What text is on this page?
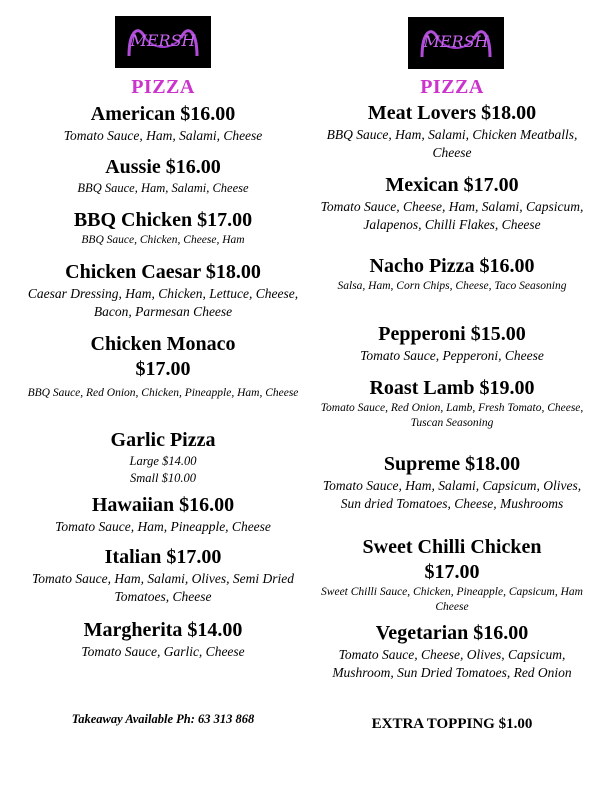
MERSH	MERSH
PIZZA
American $16.00
Tomato Sauce, Ham, Salami, Cheese
Aussie $16.00
BBQ Sauce, Ham, Salami, Cheese
BBQ Chicken $17.00
BBQ Sauce, Chicken, Cheese, Ham
Chicken Caesar $18.00
Caesar Dressing, Ham, Chicken, Lettuce, Cheese, Bacon, Parmesan Cheese
Chicken Monaco
$17.00
BBQ Sauce, Red Onion, Chicken, Pineapple, Ham, Cheese
Garlic Pizza
Large $14.00
Small $10.00
Hawaiian $16.00
Tomato Sauce, Ham, Pineapple, Cheese
Italian $17.00
Tomato Sauce, Ham, Salami, Olives, Semi Dried Tomatoes, Cheese
Margherita $14.00
Tomato Sauce, Garlic, Cheese
Takeaway Available Ph: 63 313 868
PIZZA
Meat Lovers $18.00
BBQ Sauce, Ham, Salami, Chicken Meatballs, Cheese
Mexican $17.00
Tomato Sauce, Cheese, Ham, Salami, Capsicum, Jalapenos, Chilli Flakes, Cheese
Nacho Pizza $16.00
Salsa, Ham, Corn Chips, Cheese, Taco Seasoning
Pepperoni $15.00
Tomato Sauce, Pepperoni, Cheese
Roast Lamb $19.00
Tomato Sauce, Red Onion, Lamb, Fresh Tomato, Cheese, Tuscan Seasoning
Supreme $18.00
Tomato Sauce, Ham, Salami, Capsicum, Olives, Sun dried Tomatoes, Cheese, Mushrooms
Sweet Chilli Chicken
$17.00
Sweet Chilli Sauce, Chicken, Pineapple, Capsicum, Ham Cheese
Vegetarian $16.00
Tomato Sauce, Cheese, Olives, Capsicum, Mushroom, Sun Dried Tomatoes, Red Onion
EXTRA TOPPING $1.00
